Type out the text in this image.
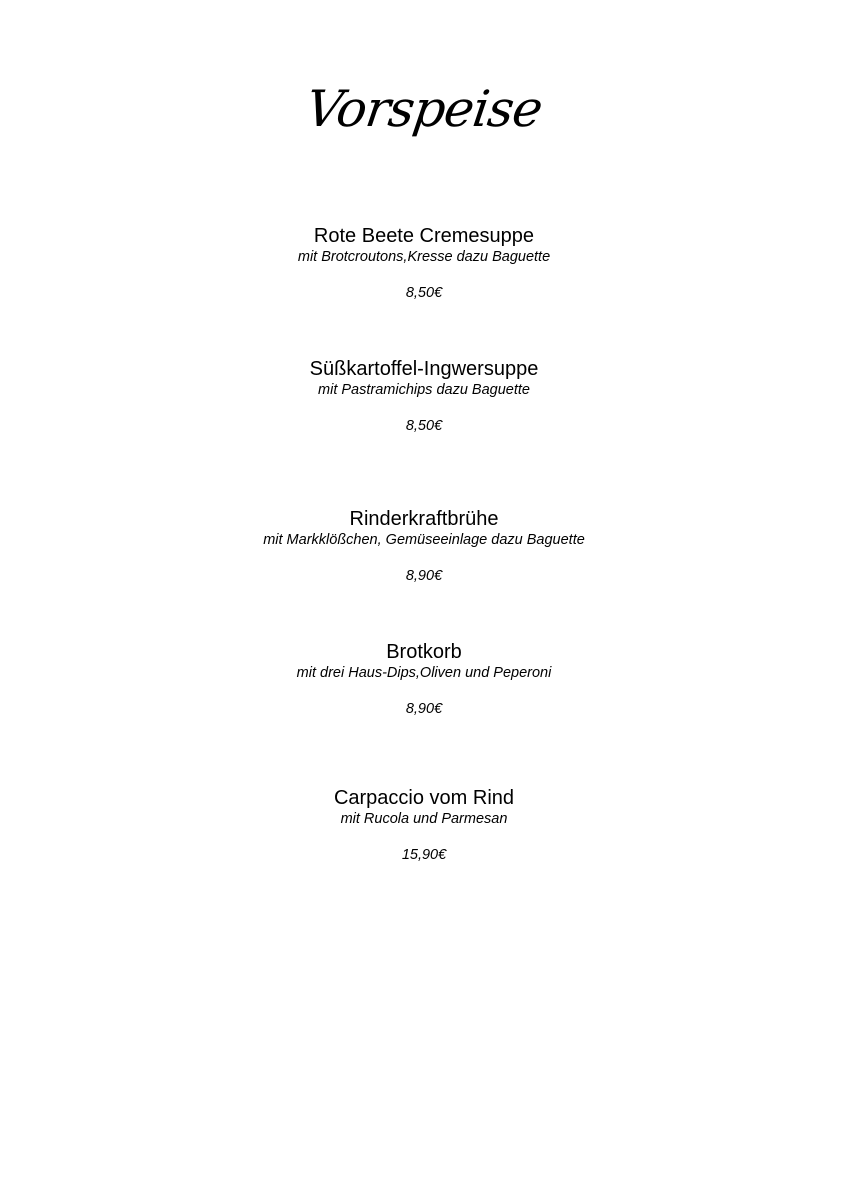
Vorspeise
Rote Beete Cremesuppe
mit Brotcroutons,Kresse dazu Baguette
8,50€
Süßkartoffel-Ingwersuppe
mit Pastramichips dazu Baguette
8,50€
Rinderkraftbrühe
mit Markklößchen, Gemüseeinlage dazu Baguette
8,90€
Brotkorb
mit drei Haus-Dips,Oliven und Peperoni
8,90€
Carpaccio vom Rind
mit Rucola und Parmesan
15,90€
